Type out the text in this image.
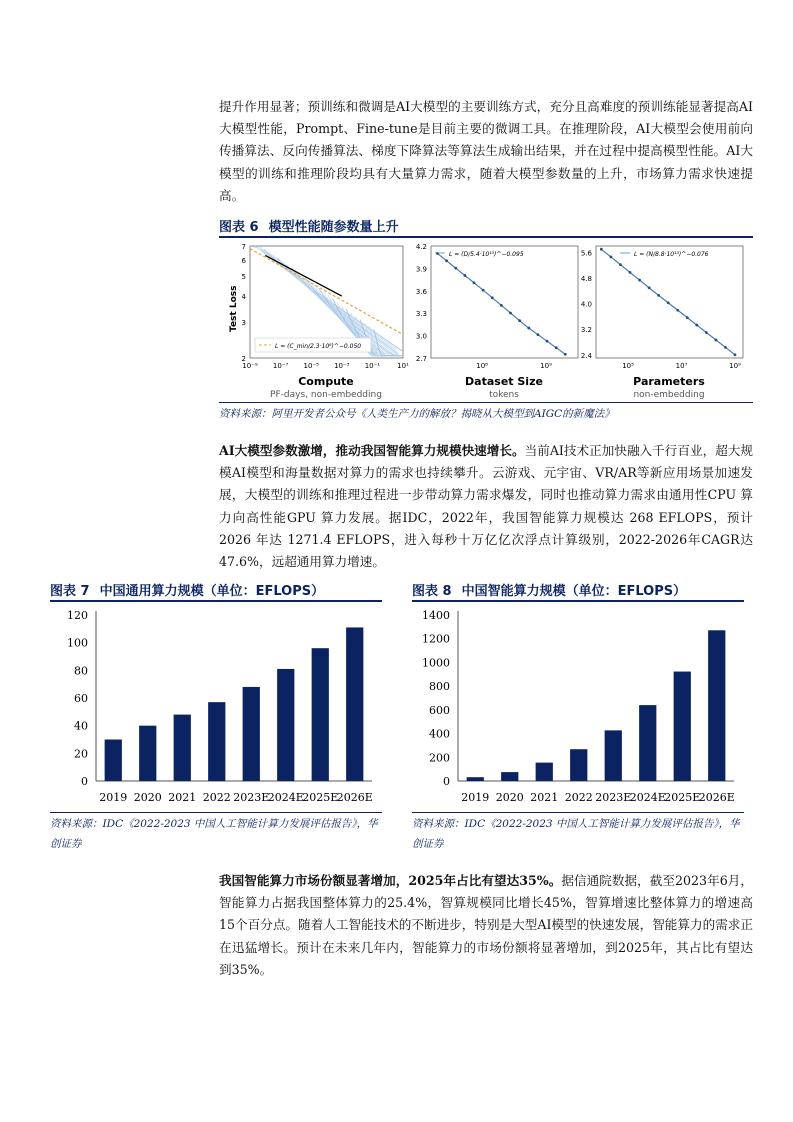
提升作用显著；预训练和微调是AI大模型的主要训练方式，充分且高难度的预训练能显著提高AI大模型性能，Prompt、Fine-tune是目前主要的微调工具。在推理阶段，AI大模型会使用前向传播算法、反向传播算法、梯度下降算法等算法生成输出结果，并在过程中提高模型性能。AI大模型的训练和推理阶段均具有大量算力需求，随着大模型参数量的上升，市场算力需求快速提高。

图表 6 模型性能随参数量上升
L = (C_min/2.3·10⁸)^−0.050
Test Loss
2
3
4
5
6
7
10⁻⁹ 10⁻⁷ 10⁻⁵ 10⁻³ 10⁻¹ 10¹
Compute
PF-days, non-embedding
L = (D/5.4·10¹³)^−0.095
2.7
3.0
3.3
3.6
3.9
4.2
10⁸	10⁹
Dataset Size
tokens
L = (N/8.8·10¹³)^−0.076
2.4
3.2
4.0
4.8
5.6
10⁵	10⁷	10⁹
Parameters
non-embedding
资料来源：阿里开发者公众号《人类生产力的解放？揭晓从大模型到AIGC的新魔法》

AI大模型参数激增，推动我国智能算力规模快速增长。当前AI技术正加快融入千行百业，超大规模AI模型和海量数据对算力的需求也持续攀升。云游戏、元宇宙、VR/AR等新应用场景加速发展，大模型的训练和推理过程进一步带动算力需求爆发，同时也推动算力需求由通用性CPU 算力向高性能GPU 算力发展。据IDC，2022年，我国智能算力规模达 268 EFLOPS，预计 2026 年达 1271.4 EFLOPS，进入每秒十万亿亿次浮点计算级别，2022-2026年CAGR达47.6%，远超通用算力增速。

图表 7 中国通用算力规模（单位：EFLOPS）
0
20
40
60
80
100
120
2019 2020 2021 2022 2023E
2024E
2025E
2026E
资料来源：IDC《2022-2023 中国人工智能计算力发展评估报告》，华创证券
图表 8 中国智能算力规模（单位：EFLOPS）
0
200
400
600
800
1000
1200
1400
2019 2020 2021 2022 2023E
2024E
2025E
2026E
资料来源：IDC《2022-2023 中国人工智能计算力发展评估报告》，华创证券

我国智能算力市场份额显著增加，2025年占比有望达35%。据信通院数据，截至2023年6月，智能算力占据我国整体算力的25.4%，智算规模同比增长45%，智算增速比整体算力的增速高15个百分点。随着人工智能技术的不断进步，特别是大型AI模型的快速发展，智能算力的需求正在迅猛增长。预计在未来几年内，智能算力的市场份额将显著增加，到2025年，其占比有望达到35%。
